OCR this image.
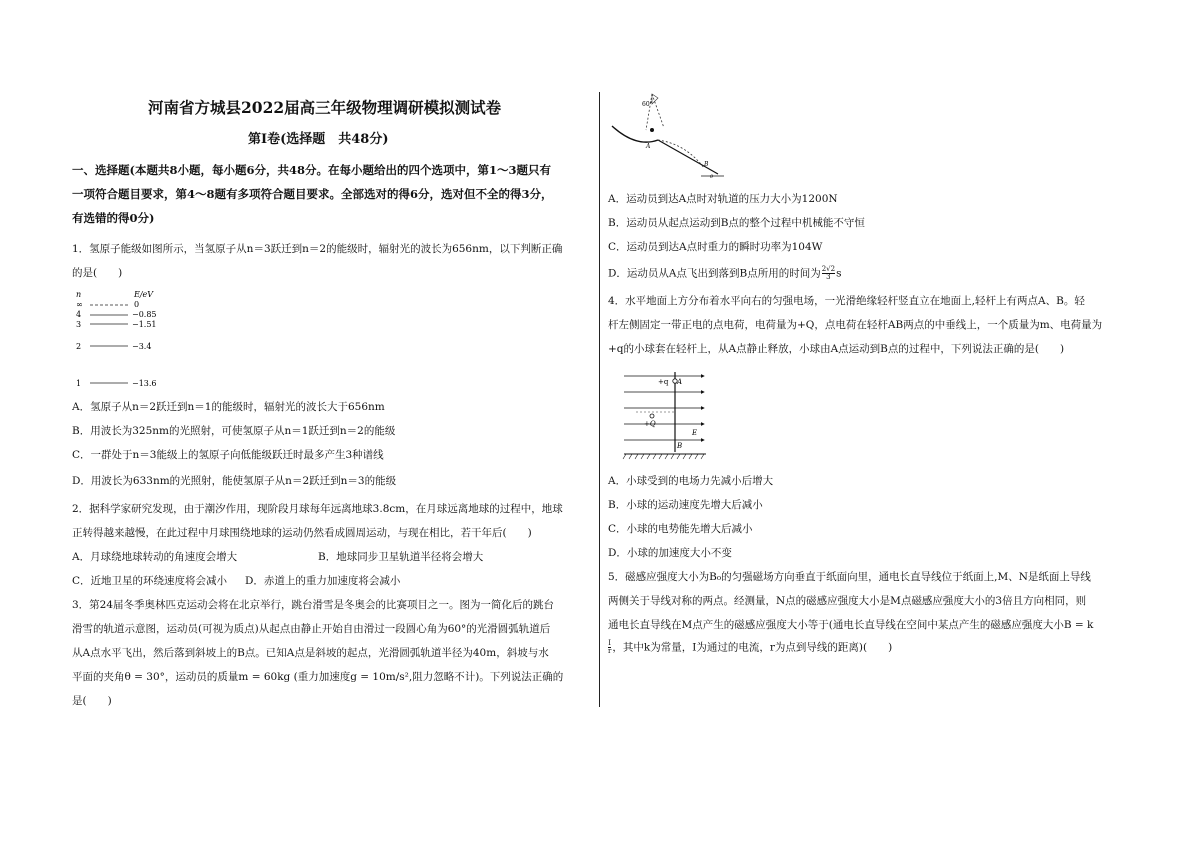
河南省方城县2022届高三年级物理调研模拟测试卷
第Ⅰ卷(选择题　共48分)
一、选择题(本题共8小题，每小题6分，共48分。在每小题给出的四个选项中，第1～3题只有
一项符合题目要求，第4～8题有多项符合题目要求。全部选对的得6分，选对但不全的得3分，
有选错的得0分)
1．氢原子能级如图所示，当氢原子从n＝3跃迁到n＝2的能级时，辐射光的波长为656nm，以下判断正确
的是(　　)
n	E/eV
∞	0
4	−0.85
3	−1.51
2	−3.4
1	−13.6
A．氢原子从n＝2跃迁到n＝1的能级时，辐射光的波长大于656nm
B．用波长为325nm的光照射，可使氢原子从n＝1跃迁到n＝2的能级
C．一群处于n＝3能级上的氢原子向低能级跃迁时最多产生3种谱线
D．用波长为633nm的光照射，能使氢原子从n＝2跃迁到n＝3的能级
2．据科学家研究发现，由于潮汐作用，现阶段月球每年远离地球3.8cm，在月球远离地球的过程中，地球
正转得越来越慢，在此过程中月球围绕地球的运动仍然看成圆周运动，与现在相比，若干年后(　　)
A．月球绕地球转动的角速度会增大	B．地球同步卫星轨道半径将会增大
C．近地卫星的环绕速度将会减小 D．赤道上的重力加速度将会减小
3．第24届冬季奥林匹克运动会将在北京举行，跳台滑雪是冬奥会的比赛项目之一。图为一简化后的跳台
滑雪的轨道示意图，运动员(可视为质点)从起点由静止开始自由滑过一段圆心角为60°的光滑圆弧轨道后
从A点水平飞出，然后落到斜坡上的B点。已知A点是斜坡的起点，光滑圆弧轨道半径为40m，斜坡与水
平面的夹角θ = 30°，运动员的质量m = 60kg (重力加速度g = 10m/s²,阻力忽略不计)。下列说法正确的
是(　　)
60°
A
B
θ
A．运动员到达A点时对轨道的压力大小为1200N
B．运动员从起点运动到B点的整个过程中机械能不守恒
C．运动员到达A点时重力的瞬时功率为104W
D．运动员从A点飞出到落到B点所用的时间为 $\frac{2√2}{3}$ s
4．水平地面上方分布着水平向右的匀强电场，一光滑绝缘轻杆竖直立在地面上,轻杆上有两点A、B。轻
杆左侧固定一带正电的点电荷，电荷量为+Q，点电荷在轻杆AB两点的中垂线上，一个质量为m、电荷量为
+q的小球套在轻杆上，从A点静止释放，小球由A点运动到B点的过程中，下列说法正确的是(　　)
+q A
+Q
E
B
A．小球受到的电场力先减小后增大
B．小球的运动速度先增大后减小
C．小球的电势能先增大后减小
D．小球的加速度大小不变
5．磁感应强度大小为B₀的匀强磁场方向垂直于纸面向里，通电长直导线位于纸面上,M、N是纸面上导线
两侧关于导线对称的两点。经测量，N点的磁感应强度大小是M点磁感应强度大小的3倍且方向相同，则
通电长直导线在M点产生的磁感应强度大小等于(通电长直导线在空间中某点产生的磁感应强度大小B = k
$\frac{I}{r}$ ，其中k为常量，I为通过的电流，r为点到导线的距离)(　　)
